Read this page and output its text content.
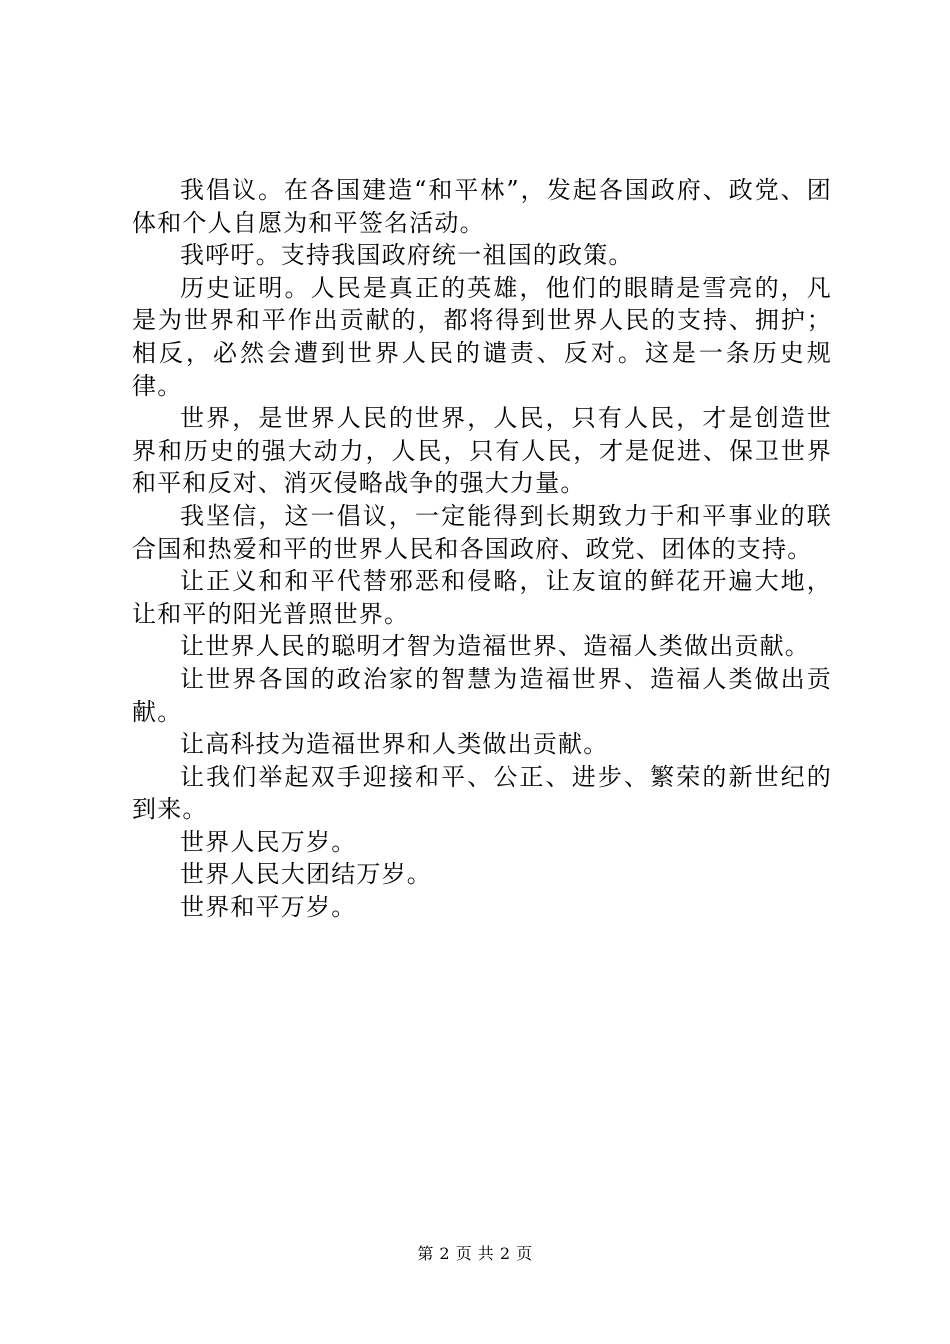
我倡议。在各国建造“和平林”，发起各国政府、政党、团体和个人自愿为和平签名活动。

我呼吁。支持我国政府统一祖国的政策。

历史证明。人民是真正的英雄，他们的眼睛是雪亮的，凡是为世界和平作出贡献的，都将得到世界人民的支持、拥护；相反，必然会遭到世界人民的谴责、反对。这是一条历史规律。

世界，是世界人民的世界，人民，只有人民，才是创造世界和历史的强大动力，人民，只有人民，才是促进、保卫世界和平和反对、消灭侵略战争的强大力量。

我坚信，这一倡议，一定能得到长期致力于和平事业的联合国和热爱和平的世界人民和各国政府、政党、团体的支持。

让正义和和平代替邪恶和侵略，让友谊的鲜花开遍大地，让和平的阳光普照世界。

让世界人民的聪明才智为造福世界、造福人类做出贡献。

让世界各国的政治家的智慧为造福世界、造福人类做出贡献。

让高科技为造福世界和人类做出贡献。

让我们举起双手迎接和平、公正、进步、繁荣的新世纪的到来。

世界人民万岁。

世界人民大团结万岁。

世界和平万岁。

第 2 页 共 2 页
